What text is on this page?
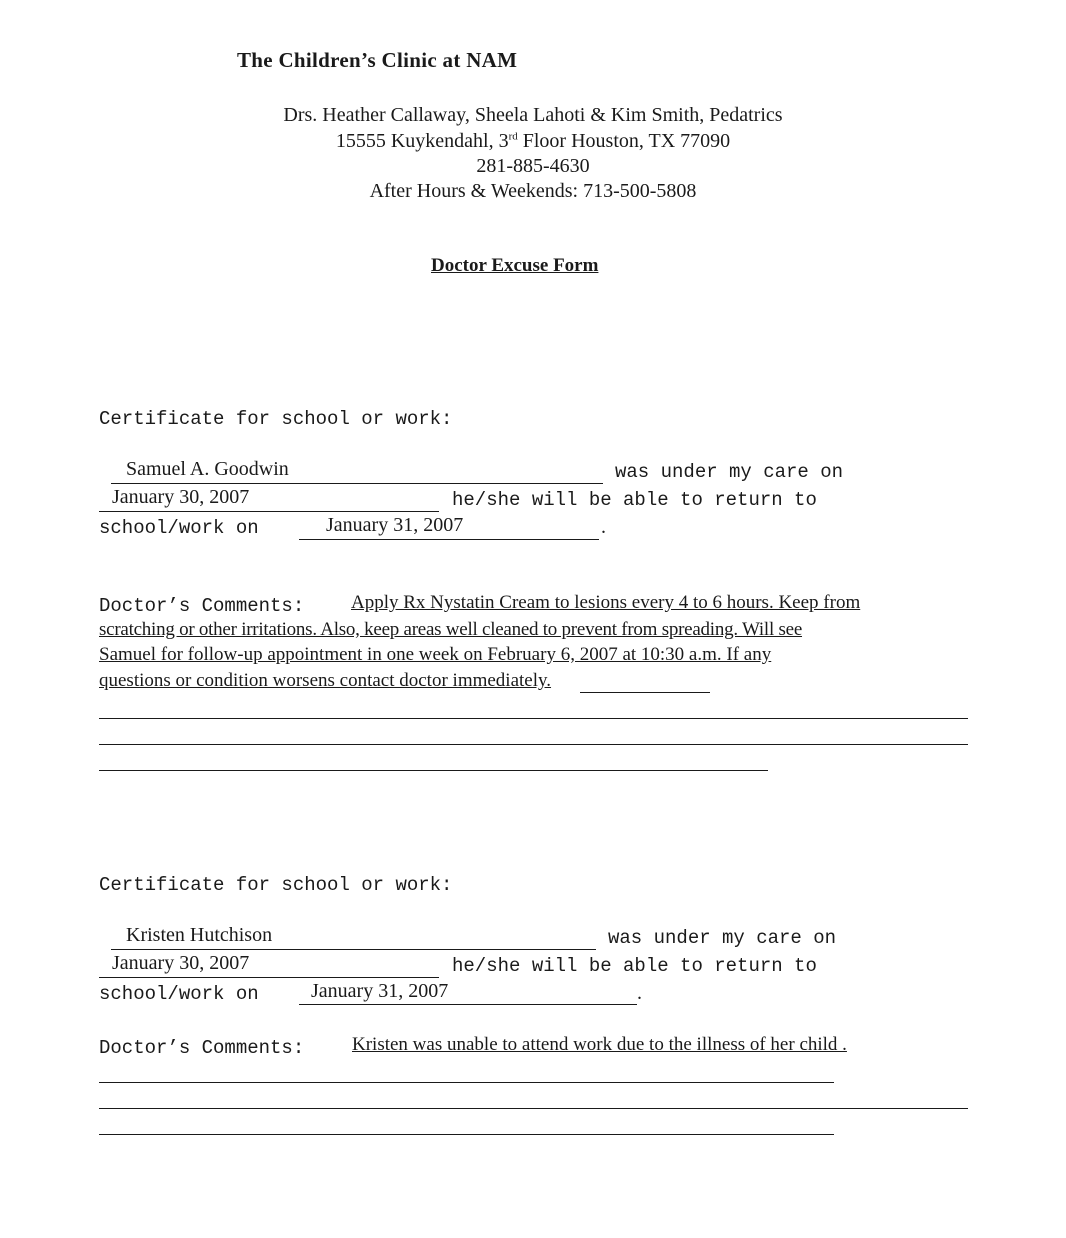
The Children’s Clinic at NAM
Drs. Heather Callaway, Sheela Lahoti & Kim Smith, Pedatrics
15555 Kuykendahl, 3rd Floor Houston, TX 77090
281-885-4630
After Hours & Weekends: 713-500-5808
Doctor Excuse Form
Certificate for school or work:
Samuel A. Goodwin	was under my care on
January 30, 2007	he/she will be able to return to
school/work on	January 31, 2007	.
Doctor’s Comments: Apply Rx Nystatin Cream to lesions every 4 to 6 hours. Keep from
scratching or other irritations. Also, keep areas well cleaned to prevent from spreading. Will see
Samuel for follow-up appointment in one week on February 6, 2007 at 10:30 a.m. If any
questions or condition worsens contact doctor immediately.
Certificate for school or work:
Kristen Hutchison	was under my care on
January 30, 2007	he/she will be able to return to
school/work on	January 31, 2007	.
Doctor’s Comments:	Kristen was unable to attend work due to the illness of her child .
